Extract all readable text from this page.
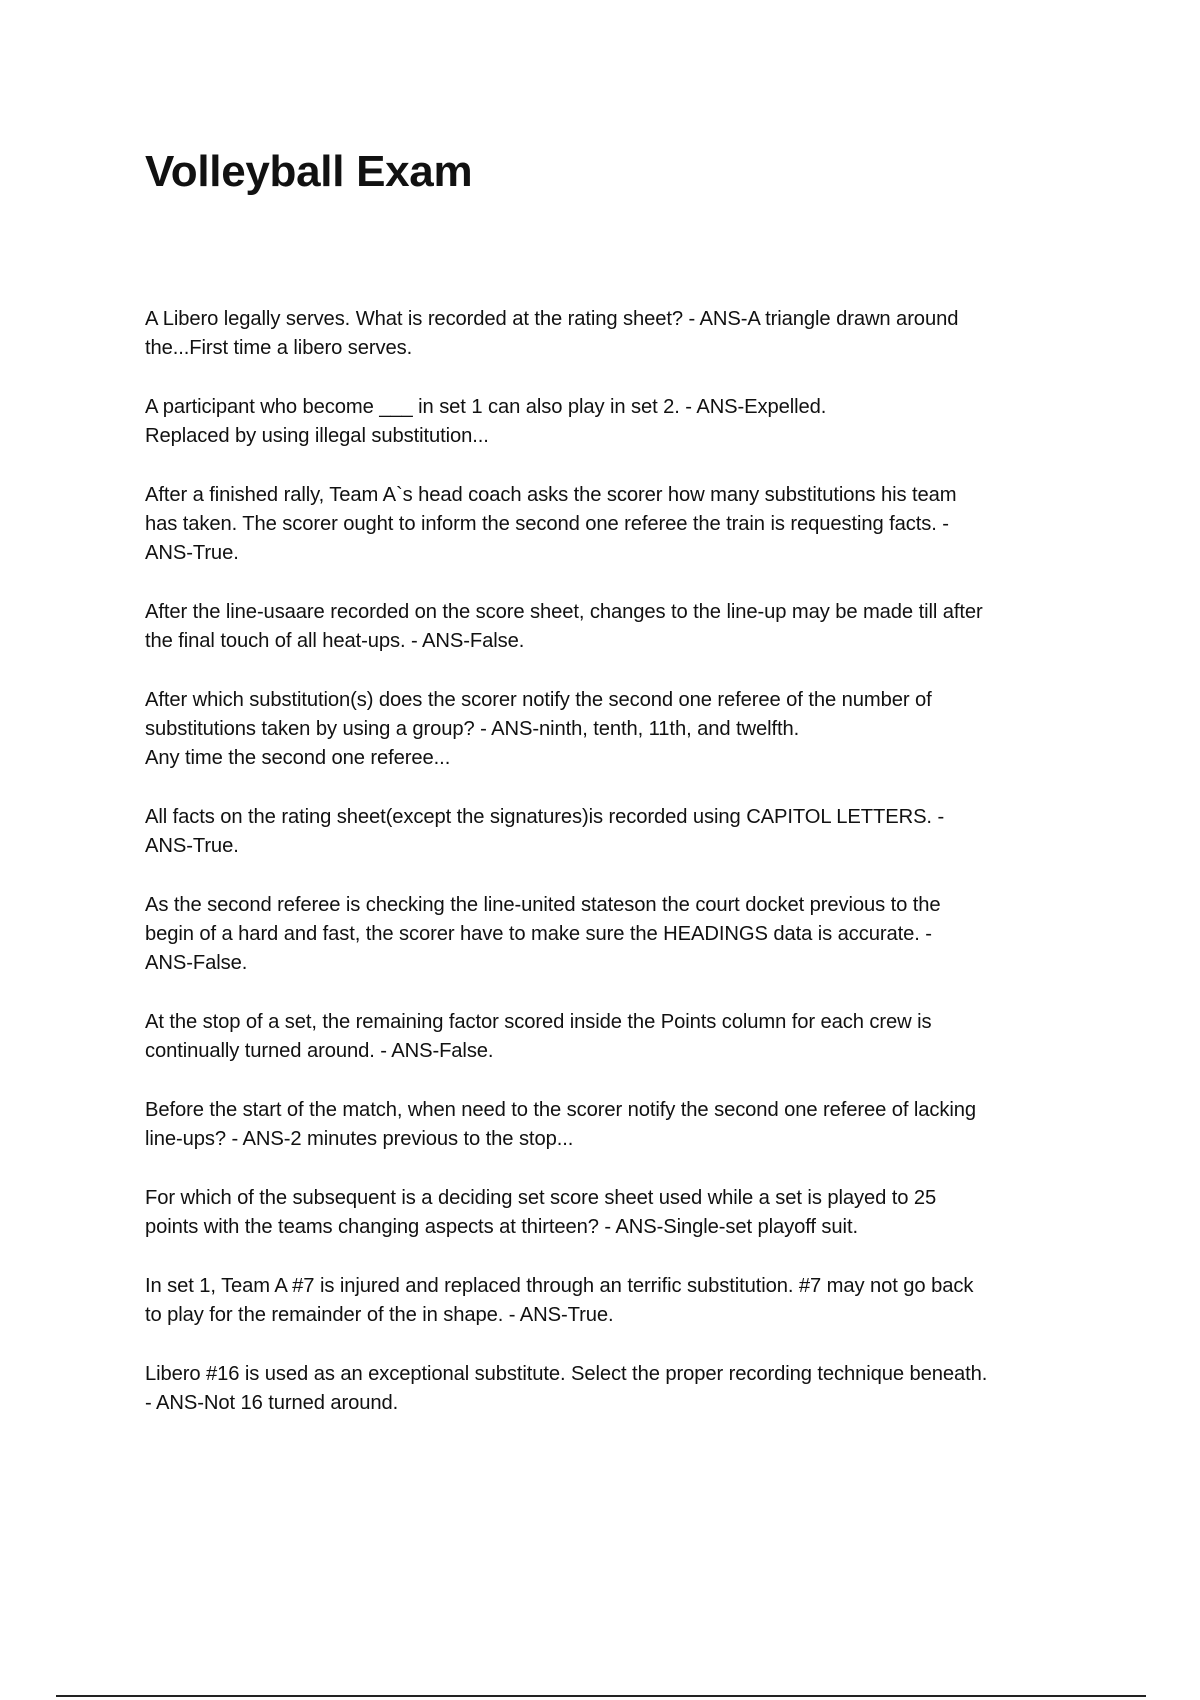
Volleyball Exam

A Libero legally serves. What is recorded at the rating sheet? - ANS-A triangle drawn around
the...First time a libero serves.

A participant who become ___ in set 1 can also play in set 2. - ANS-Expelled.
Replaced by using illegal substitution...

After a finished rally, Team A`s head coach asks the scorer how many substitutions his team
has taken. The scorer ought to inform the second one referee the train is requesting facts. -
ANS-True.

After the line-usaare recorded on the score sheet, changes to the line-up may be made till after
the final touch of all heat-ups. - ANS-False.

After which substitution(s) does the scorer notify the second one referee of the number of
substitutions taken by using a group? - ANS-ninth, tenth, 11th, and twelfth.
Any time the second one referee...

All facts on the rating sheet(except the signatures)is recorded using CAPITOL LETTERS. -
ANS-True.

As the second referee is checking the line-united stateson the court docket previous to the
begin of a hard and fast, the scorer have to make sure the HEADINGS data is accurate. -
ANS-False.

At the stop of a set, the remaining factor scored inside the Points column for each crew is
continually turned around. - ANS-False.

Before the start of the match, when need to the scorer notify the second one referee of lacking
line-ups? - ANS-2 minutes previous to the stop...

For which of the subsequent is a deciding set score sheet used while a set is played to 25
points with the teams changing aspects at thirteen? - ANS-Single-set playoff suit.

In set 1, Team A #7 is injured and replaced through an terrific substitution. #7 may not go back
to play for the remainder of the in shape. - ANS-True.

Libero #16 is used as an exceptional substitute. Select the proper recording technique beneath.
- ANS-Not 16 turned around.
